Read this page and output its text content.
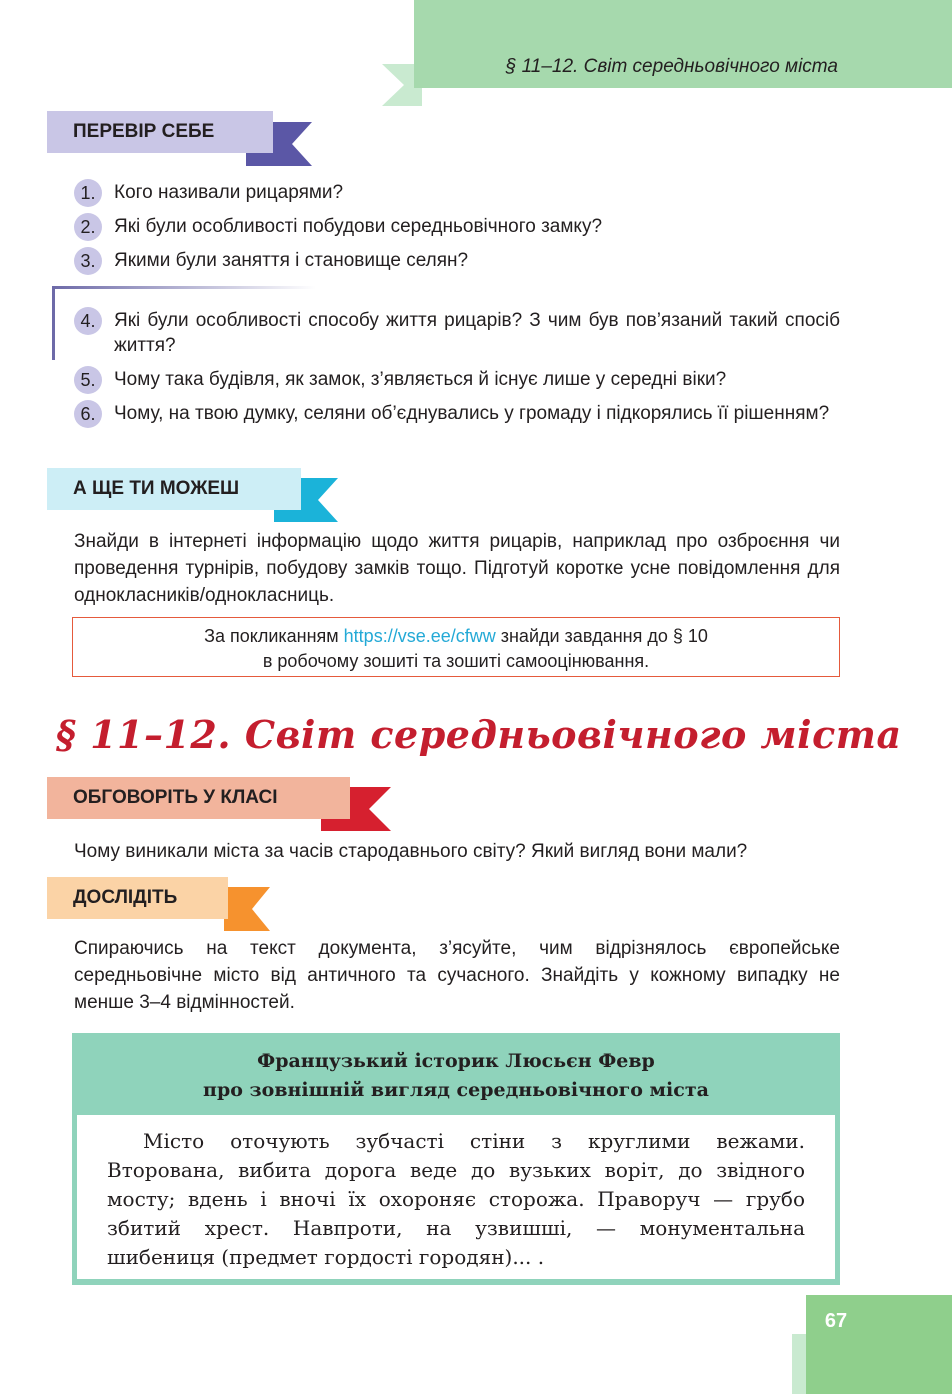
§ 11–12. Світ середньовічного міста
ПЕРЕВІР СЕБЕ
1. Кого називали рицарями?
2. Які були особливості побудови середньовічного замку?
3. Якими були заняття і становище селян?
4. Які були особливості способу життя рицарів? З чим був пов’язаний такий спосіб життя?
5. Чому така будівля, як замок, з’являється й існує лише у середні віки?
6. Чому, на твою думку, селяни об’єднувались у громаду і підкорялись її рішенням?
А ЩЕ ТИ МОЖЕШ
Знайди в інтернеті інформацію щодо життя рицарів, наприклад про озброєння чи проведення турнірів, побудову замків тощо. Підготуй коротке усне повідомлення для однокласників/однокласниць.
За покликанням https://vse.ee/cfww знайди завдання до § 10
в робочому зошиті та зошиті самооцінювання.
§ 11–12. Світ середньовічного міста
ОБГОВОРІТЬ У КЛАСІ
Чому виникали міста за часів стародавнього світу? Який вигляд вони мали?
ДОСЛІДІТЬ
Спираючись на текст документа, з’ясуйте, чим відрізнялось європейське середньовічне місто від античного та сучасного. Знайдіть у кожному випадку не менше 3–4 відмінностей.
Французький історик Люсьєн Февр
про зовнішній вигляд середньовічного міста

Місто оточують зубчасті стіни з круглими вежами. Вторована, вибита дорога веде до вузьких воріт, до звідного мосту; вдень і вночі їх охороняє сторожа. Праворуч — грубо збитий хрест. Навпроти, на узвишші, — монументальна шибениця (предмет гордості городян)... .

67
